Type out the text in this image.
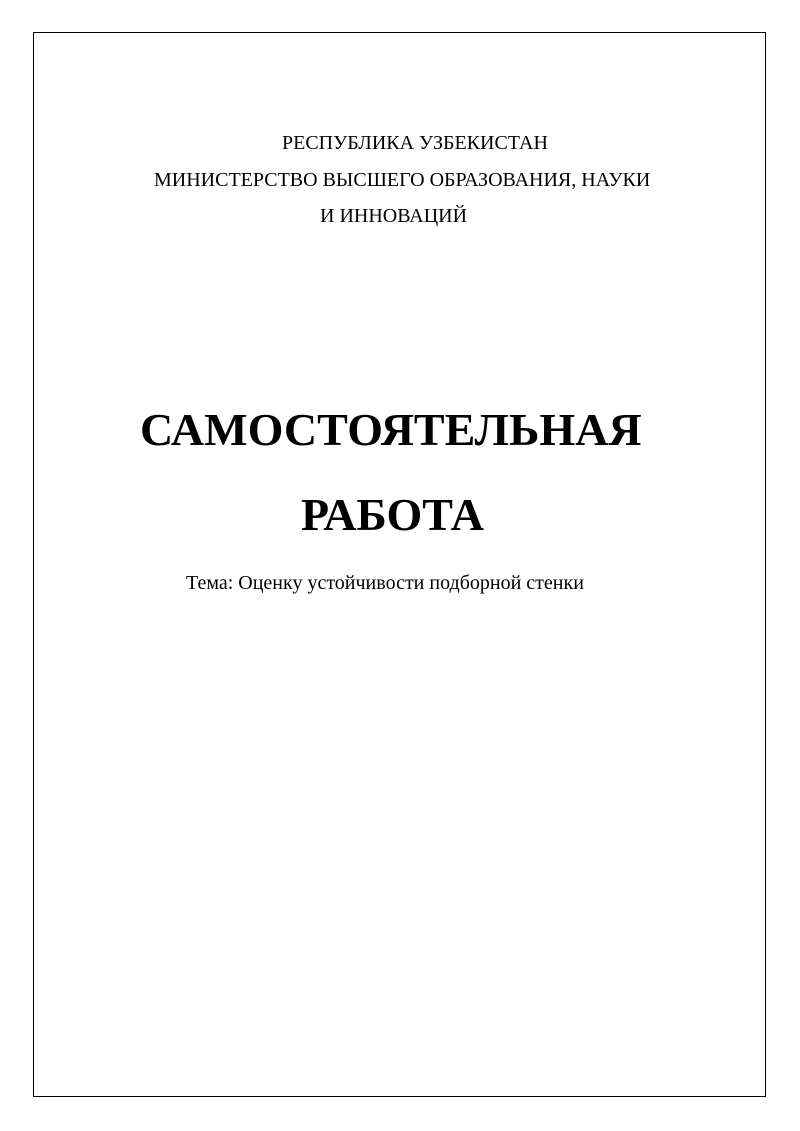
РЕСПУБЛИКА УЗБЕКИСТАН
МИНИСТЕРСТВО ВЫСШЕГО ОБРАЗОВАНИЯ, НАУКИ
И ИННОВАЦИЙ
САМОСТОЯТЕЛЬНАЯ
РАБОТА
Тема: Оценку устойчивости подборной стенки
